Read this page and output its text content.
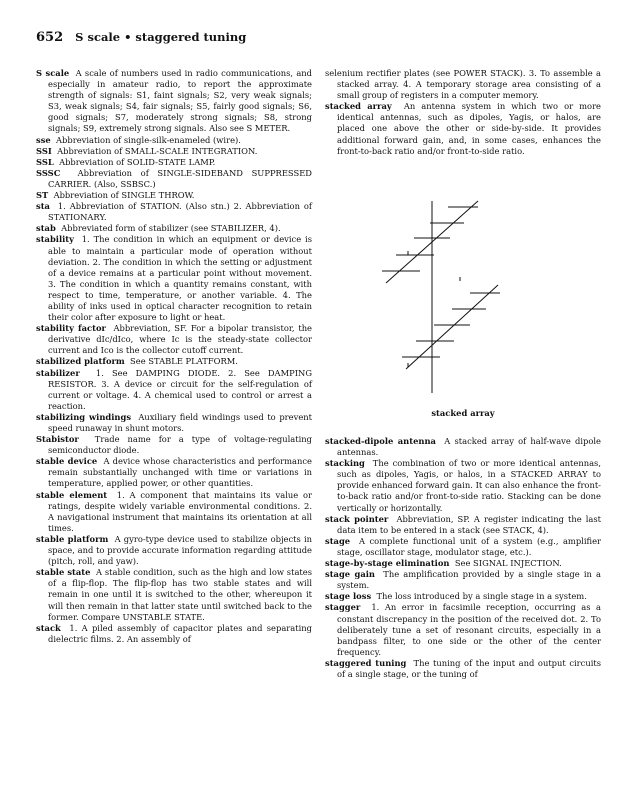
652 S scale • staggered tuning

S scale A scale of numbers used in radio communications, and especially in amateur radio, to report the approximate strength of signals: S1, faint signals; S2, very weak signals; S3, weak signals; S4, fair signals; S5, fairly good signals; S6, good signals; S7, moderately strong signals; S8, strong signals; S9, extremely strong signals. Also see S METER.

sse Abbreviation of single-silk-enameled (wire).

SSI Abbreviation of SMALL-SCALE INTEGRATION.

SSL Abbreviation of SOLID-STATE LAMP.

SSSC Abbreviation of SINGLE-SIDEBAND SUPPRESSED CARRIER. (Also, SSBSC.)

ST Abbreviation of SINGLE THROW.

sta 1. Abbreviation of STATION. (Also stn.) 2. Abbreviation of STATIONARY.

stab Abbreviated form of stabilizer (see STABILIZER, 4).

stability 1. The condition in which an equipment or device is able to maintain a particular mode of operation without deviation. 2. The condition in which the setting or adjustment of a device remains at a particular point without movement. 3. The condition in which a quantity remains constant, with respect to time, temperature, or another variable. 4. The ability of inks used in optical character recognition to retain their color after exposure to light or heat.

stability factor Abbreviation, SF. For a bipolar transistor, the derivative dIc/dIco, where Ic is the steady-state collector current and Ico is the collector cutoff current.

stabilized platform See STABLE PLATFORM.

stabilizer 1. See DAMPING DIODE. 2. See DAMPING RESISTOR. 3. A device or circuit for the self-regulation of current or voltage. 4. A chemical used to control or arrest a reaction.

stabilizing windings Auxiliary field windings used to prevent speed runaway in shunt motors.

Stabistor Trade name for a type of voltage-regulating semiconductor diode.

stable device A device whose characteristics and performance remain substantially unchanged with time or variations in temperature, applied power, or other quantities.

stable element 1. A component that maintains its value or ratings, despite widely variable environmental conditions. 2. A navigational instrument that maintains its orientation at all times.

stable platform A gyro-type device used to stabilize objects in space, and to provide accurate information regarding attitude (pitch, roll, and yaw).

stable state A stable condition, such as the high and low states of a flip-flop. The flip-flop has two stable states and will remain in one until it is switched to the other, whereupon it will then remain in that latter state until switched back to the former. Compare UNSTABLE STATE.

stack 1. A piled assembly of capacitor plates and separating dielectric films. 2. An assembly of

selenium rectifier plates (see POWER STACK). 3. To assemble a stacked array. 4. A temporary storage area consisting of a small group of registers in a computer memory.

stacked array An antenna system in which two or more identical antennas, such as dipoles, Yagis, or halos, are placed one above the other or side-by-side. It provides additional forward gain, and, in some cases, enhances the front-to-back ratio and/or front-to-side ratio.

stacked array

stacked-dipole antenna A stacked array of half-wave dipole antennas.

stacking The combination of two or more identical antennas, such as dipoles, Yagis, or halos, in a STACKED ARRAY to provide enhanced forward gain. It can also enhance the front-to-back ratio and/or front-to-side ratio. Stacking can be done vertically or horizontally.

stack pointer Abbreviation, SP. A register indicating the last data item to be entered in a stack (see STACK, 4).

stage A complete functional unit of a system (e.g., amplifier stage, oscillator stage, modulator stage, etc.).

stage-by-stage elimination See SIGNAL INJECTION.

stage gain The amplification provided by a single stage in a system.

stage loss The loss introduced by a single stage in a system.

stagger 1. An error in facsimile reception, occurring as a constant discrepancy in the position of the received dot. 2. To deliberately tune a set of resonant circuits, especially in a bandpass filter, to one side or the other of the center frequency.

staggered tuning The tuning of the input and output circuits of a single stage, or the tuning of
